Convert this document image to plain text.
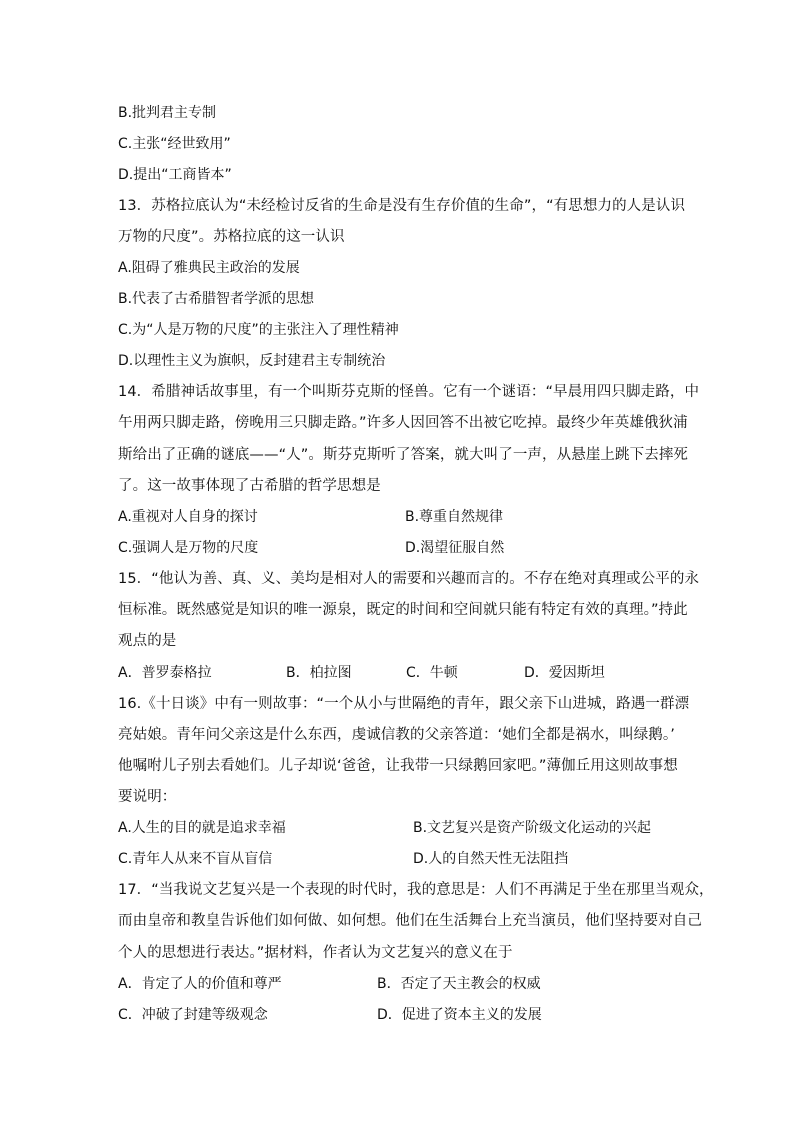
B.批判君主专制
C.主张“经世致用”
D.提出“工商皆本”
13．苏格拉底认为“未经检讨反省的生命是没有生存价值的生命”，“有思想力的人是认识
万物的尺度”。苏格拉底的这一认识
A.阻碍了雅典民主政治的发展
B.代表了古希腊智者学派的思想
C.为“人是万物的尺度”的主张注入了理性精神
D.以理性主义为旗帜，反封建君主专制统治
14．希腊神话故事里，有一个叫斯芬克斯的怪兽。它有一个谜语：“早晨用四只脚走路，中
午用两只脚走路，傍晚用三只脚走路。”许多人因回答不出被它吃掉。最终少年英雄俄狄浦
斯给出了正确的谜底——“人”。斯芬克斯听了答案，就大叫了一声，从悬崖上跳下去摔死
了。这一故事体现了古希腊的哲学思想是
A.重视对人自身的探讨	B.尊重自然规律
C.强调人是万物的尺度	D.渴望征服自然
15．“他认为善、真、义、美均是相对人的需要和兴趣而言的。不存在绝对真理或公平的永
恒标准。既然感觉是知识的唯一源泉，既定的时间和空间就只能有特定有效的真理。”持此
观点的是
A．普罗泰格拉	B．柏拉图	C．牛顿	D．爱因斯坦
16.《十日谈》中有一则故事：“一个从小与世隔绝的青年，跟父亲下山进城，路遇一群漂
亮姑娘。青年问父亲这是什么东西，虔诚信教的父亲答道：‘她们全都是祸水，叫绿鹅。’
他嘱咐儿子别去看她们。儿子却说‘爸爸，让我带一只绿鹅回家吧。”薄伽丘用这则故事想
要说明：
A.人生的目的就是追求幸福	B.文艺复兴是资产阶级文化运动的兴起
C.青年人从来不盲从盲信	D.人的自然天性无法阻挡
17．“当我说文艺复兴是一个表现的时代时，我的意思是：人们不再满足于坐在那里当观众，
而由皇帝和教皇告诉他们如何做、如何想。他们在生活舞台上充当演员，他们坚持要对自己
个人的思想进行表达。”据材料，作者认为文艺复兴的意义在于
A．肯定了人的价值和尊严	B．否定了天主教会的权威
C．冲破了封建等级观念	D．促进了资本主义的发展
